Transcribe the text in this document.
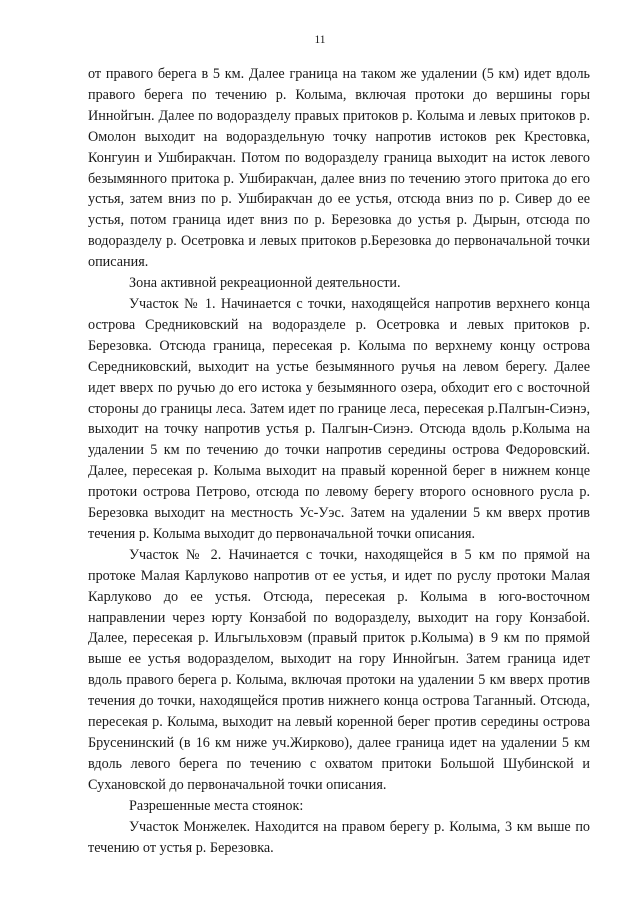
11

от правого берега в 5 км. Далее граница на таком же удалении (5 км) идет вдоль правого берега по течению р. Колыма, включая протоки до вершины горы Иннойгын. Далее по водоразделу правых притоков р. Колыма и левых притоков р. Омолон выходит на водораздельную точку напротив истоков рек Крестовка, Конгуин и Ушбиракчан. Потом по водоразделу граница выходит на исток левого безымянного притока р. Ушбиракчан, далее вниз по течению этого притока до его устья, затем вниз по р. Ушбиракчан до ее устья, отсюда вниз по р. Сивер до ее устья, потом граница идет вниз по р. Березовка до устья р. Дырын, отсюда по водоразделу р. Осетровка и левых притоков р.Березовка до первоначальной точки описания.

Зона активной рекреационной деятельности.

Участок № 1. Начинается с точки, находящейся напротив верхнего конца острова Средниковский на водоразделе р. Осетровка и левых притоков р. Березовка. Отсюда граница, пересекая р. Колыма по верхнему концу острова Середниковский, выходит на устье безымянного ручья на левом берегу. Далее идет вверх по ручью до его истока у безымянного озера, обходит его с восточной стороны до границы леса. Затем идет по границе леса, пересекая р.Палгын-Сиэнэ, выходит на точку напротив устья р. Палгын-Сиэнэ. Отсюда вдоль р.Колыма на удалении 5 км по течению до точки напротив середины острова Федоровский. Далее, пересекая р. Колыма выходит на правый коренной берег в нижнем конце протоки острова Петрово, отсюда по левому берегу второго основного русла р. Березовка выходит на местность Ус-Уэс. Затем на удалении 5 км вверх против течения р. Колыма выходит до первоначальной точки описания.

Участок № 2. Начинается с точки, находящейся в 5 км по прямой на протоке Малая Карлуково напротив от ее устья, и идет по руслу протоки Малая Карлуково до ее устья. Отсюда, пересекая р. Колыма в юго-восточном направлении через юрту Конзабой по водоразделу, выходит на гору Конзабой. Далее, пересекая р. Ильгыльховэм (правый приток р.Колыма) в 9 км по прямой выше ее устья водоразделом, выходит на гору Иннойгын. Затем граница идет вдоль правого берега р. Колыма, включая протоки на удалении 5 км вверх против течения до точки, находящейся против нижнего конца острова Таганный. Отсюда, пересекая р. Колыма, выходит на левый коренной берег против середины острова Брусенинский (в 16 км ниже уч.Жирково), далее граница идет на удалении 5 км вдоль левого берега по течению с охватом притоки Большой Шубинской и Сухановской до первоначальной точки описания.

Разрешенные места стоянок:

Участок Монжелек. Находится на правом берегу р. Колыма, 3 км выше по течению от устья р. Березовка.
